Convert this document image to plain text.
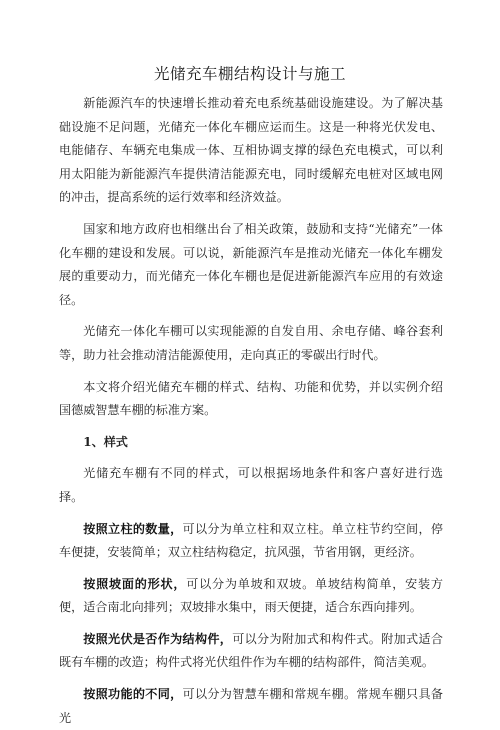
光储充车棚结构设计与施工

新能源汽车的快速增长推动着充电系统基础设施建设。为了解决基础设施不足问题，光储充一体化车棚应运而生。这是一种将光伏发电、电能储存、车辆充电集成一体、互相协调支撑的绿色充电模式，可以利用太阳能为新能源汽车提供清洁能源充电，同时缓解充电桩对区域电网的冲击，提高系统的运行效率和经济效益。

国家和地方政府也相继出台了相关政策，鼓励和支持“光储充”一体化车棚的建设和发展。可以说，新能源汽车是推动光储充一体化车棚发展的重要动力，而光储充一体化车棚也是促进新能源汽车应用的有效途径。

光储充一体化车棚可以实现能源的自发自用、余电存储、峰谷套利等，助力社会推动清洁能源使用，走向真正的零碳出行时代。

本文将介绍光储充车棚的样式、结构、功能和优势，并以实例介绍国德威智慧车棚的标准方案。

1、样式

光储充车棚有不同的样式，可以根据场地条件和客户喜好进行选择。

按照立柱的数量，可以分为单立柱和双立柱。单立柱节约空间，停车便捷，安装简单；双立柱结构稳定，抗风强，节省用钢，更经济。

按照坡面的形状，可以分为单坡和双坡。单坡结构简单，安装方便，适合南北向排列；双坡排水集中，雨天便捷，适合东西向排列。

按照光伏是否作为结构件，可以分为附加式和构件式。附加式适合既有车棚的改造；构件式将光伏组件作为车棚的结构部件，简洁美观。

按照功能的不同，可以分为智慧车棚和常规车棚。常规车棚只具备光
